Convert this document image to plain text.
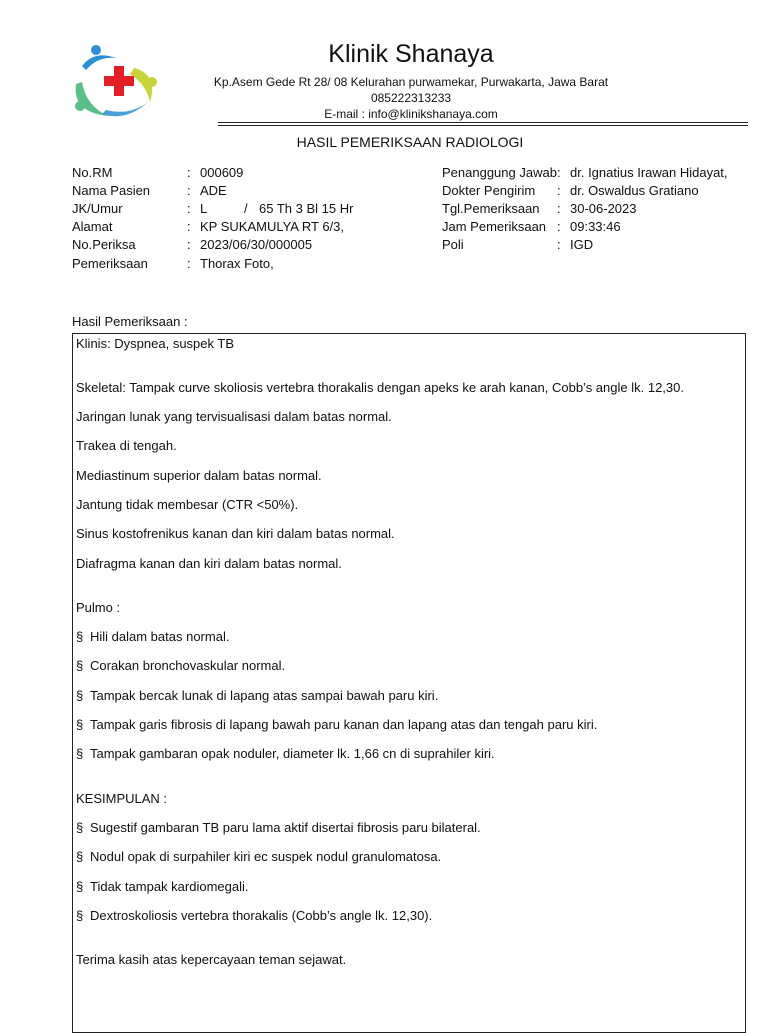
Klinik Shanaya
Kp.Asem Gede Rt 28/ 08 Kelurahan purwamekar, Purwakarta, Jawa Barat
085222313233
E-mail : info@klinikshanaya.com
HASIL PEMERIKSAAN RADIOLOGI
No.RM	: 000609
Nama Pasien	: ADE
JK/Umur	: L	/ 65 Th 3 Bl 15 Hr
Alamat	: KP SUKAMULYA RT 6/3,
No.Periksa	: 2023/06/30/000005
Pemeriksaan	: Thorax Foto,
Penanggung Jawab : dr. Ignatius Irawan Hidayat,
Dokter Pengirim : dr. Oswaldus Gratiano
Tgl.Pemeriksaan : 30-06-2023
Jam Pemeriksaan : 09:33:46
Poli	: IGD
Hasil Pemeriksaan :
Klinis: Dyspnea, suspek TB
Skeletal: Tampak curve skoliosis vertebra thorakalis dengan apeks ke arah kanan, Cobb’s angle lk. 12,30.
Jaringan lunak yang tervisualisasi dalam batas normal.
Trakea di tengah.
Mediastinum superior dalam batas normal.
Jantung tidak membesar (CTR <50%).
Sinus kostofrenikus kanan dan kiri dalam batas normal.
Diafragma kanan dan kiri dalam batas normal.
Pulmo :
§ Hili dalam batas normal.
§ Corakan bronchovaskular normal.
§ Tampak bercak lunak di lapang atas sampai bawah paru kiri.
§ Tampak garis fibrosis di lapang bawah paru kanan dan lapang atas dan tengah paru kiri.
§ Tampak gambaran opak noduler, diameter lk. 1,66 cn di suprahiler kiri.
KESIMPULAN :
§ Sugestif gambaran TB paru lama aktif disertai fibrosis paru bilateral.
§ Nodul opak di surpahiler kiri ec suspek nodul granulomatosa.
§ Tidak tampak kardiomegali.
§ Dextroskoliosis vertebra thorakalis (Cobb’s angle lk. 12,30).
Terima kasih atas kepercayaan teman sejawat.
